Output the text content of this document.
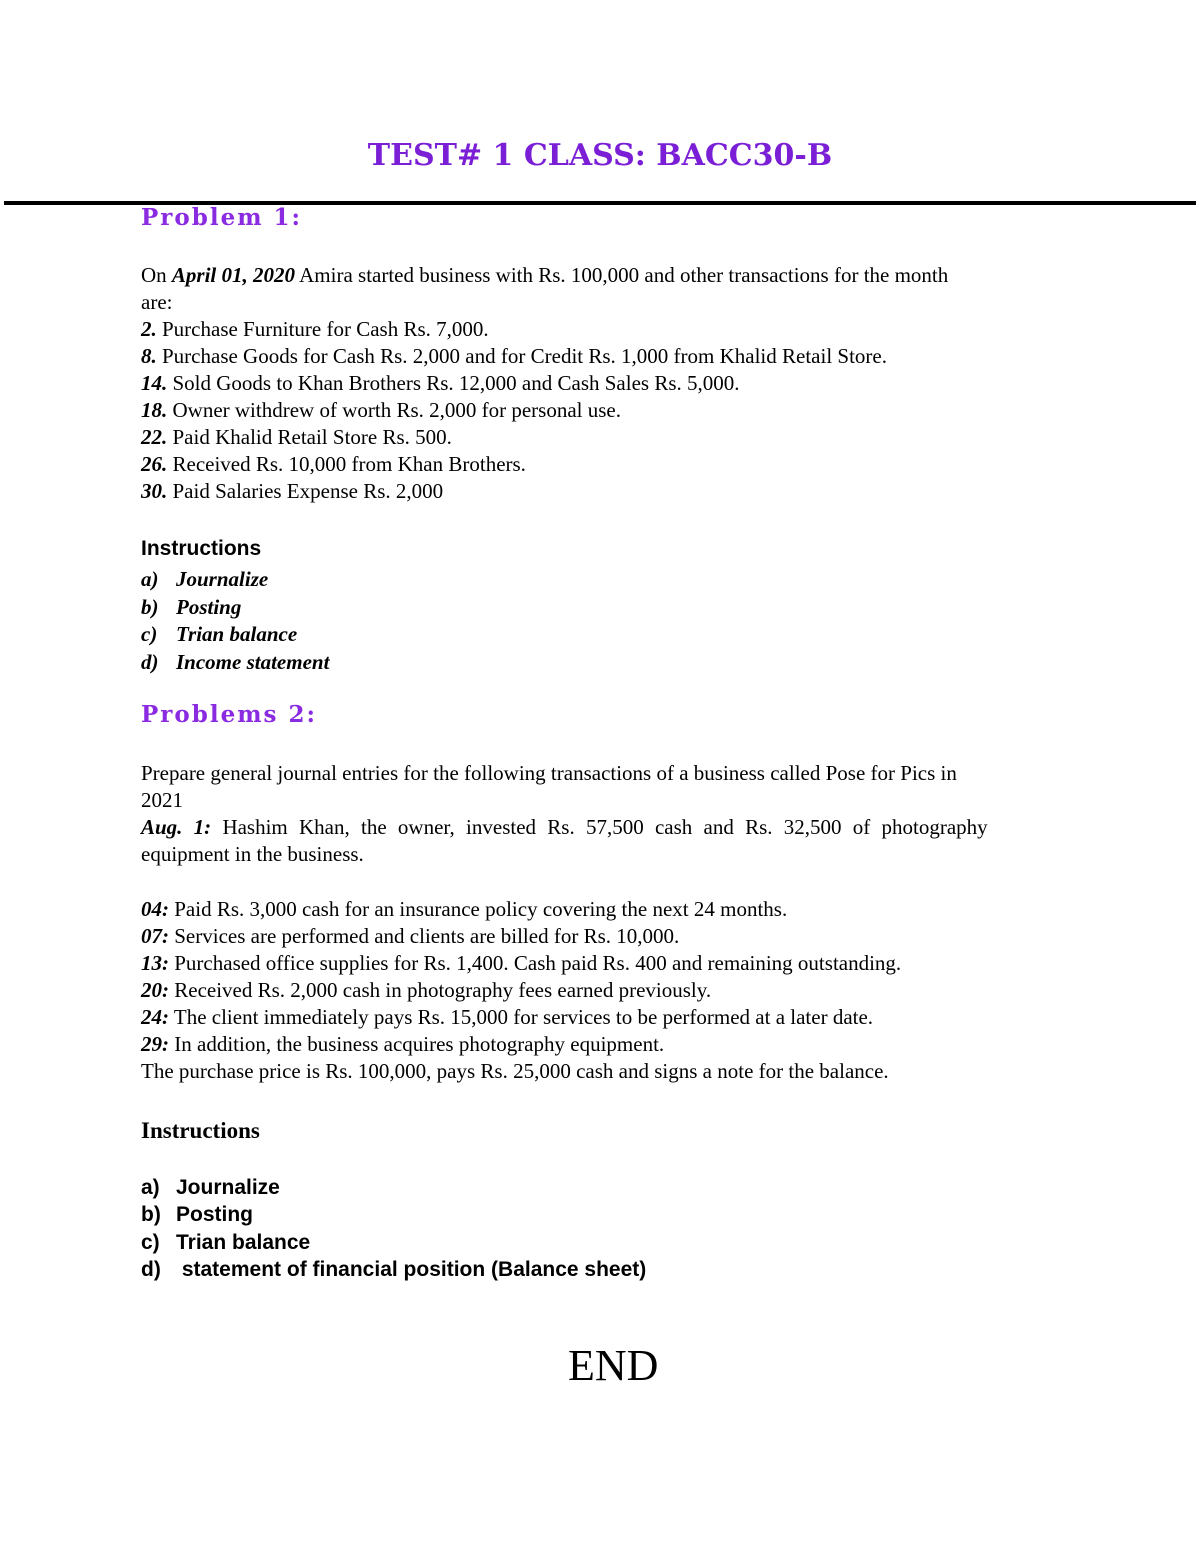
TEST# 1 CLASS: BACC30-B
Problem 1:
On April 01, 2020 Amira started business with Rs. 100,000 and other transactions for the month
are:
2. Purchase Furniture for Cash Rs. 7,000.
8. Purchase Goods for Cash Rs. 2,000 and for Credit Rs. 1,000 from Khalid Retail Store.
14. Sold Goods to Khan Brothers Rs. 12,000 and Cash Sales Rs. 5,000.
18. Owner withdrew of worth Rs. 2,000 for personal use.
22. Paid Khalid Retail Store Rs. 500.
26. Received Rs. 10,000 from Khan Brothers.
30. Paid Salaries Expense Rs. 2,000
Instructions
a) Journalize
b) Posting
c) Trian balance
d) Income statement
Problems 2:
Prepare general journal entries for the following transactions of a business called Pose for Pics in
2021
Aug. 1: Hashim Khan, the owner, invested Rs. 57,500 cash and Rs. 32,500 of photography
equipment in the business.
04: Paid Rs. 3,000 cash for an insurance policy covering the next 24 months.
07: Services are performed and clients are billed for Rs. 10,000.
13: Purchased office supplies for Rs. 1,400. Cash paid Rs. 400 and remaining outstanding.
20: Received Rs. 2,000 cash in photography fees earned previously.
24: The client immediately pays Rs. 15,000 for services to be performed at a later date.
29: In addition, the business acquires photography equipment.
The purchase price is Rs. 100,000, pays Rs. 25,000 cash and signs a note for the balance.
Instructions
a) Journalize
b) Posting
c) Trian balance
d) statement of financial position (Balance sheet)
END
